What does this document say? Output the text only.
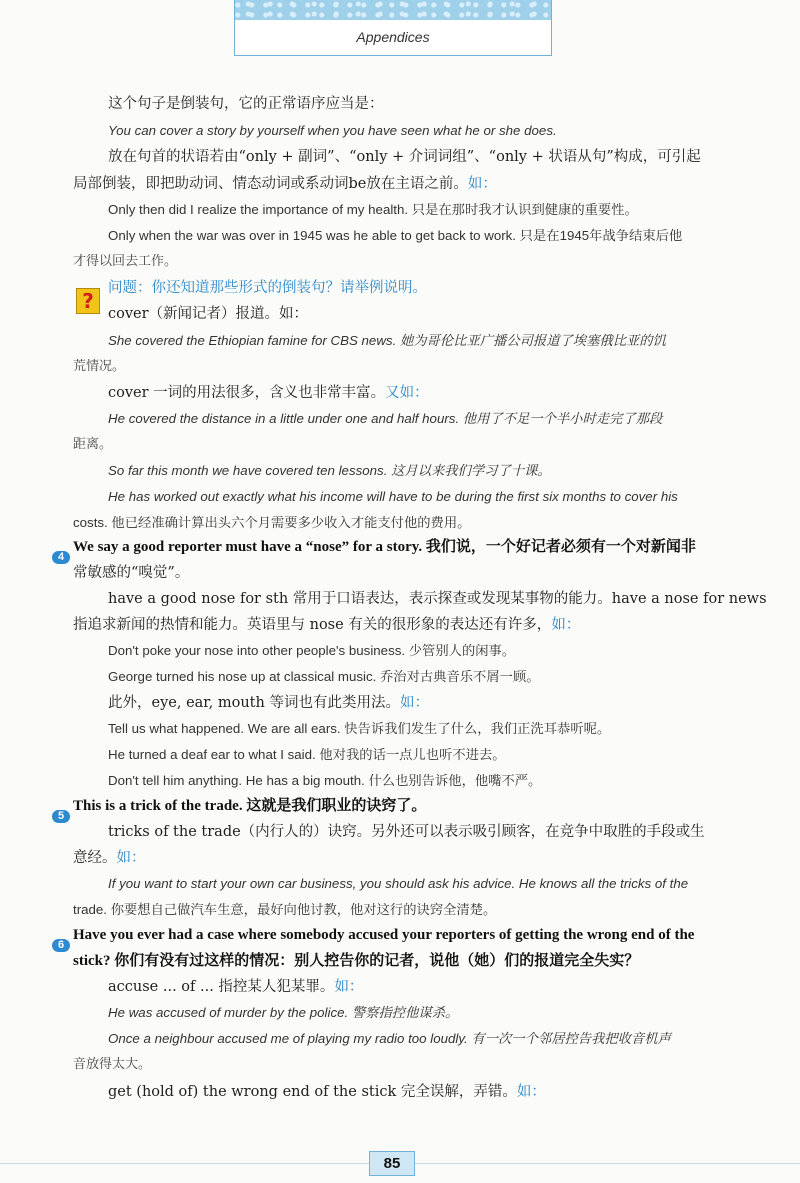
Appendices
这个句子是倒装句，它的正常语序应当是：
You can cover a story by yourself when you have seen what he or she does.
放在句首的状语若由“only + 副词”、“only + 介词词组”、“only + 状语从句”构成，可引起
局部倒装，即把助动词、情态动词或系动词be放在主语之前。如：
Only then did I realize the importance of my health. 只是在那时我才认识到健康的重要性。
Only when the war was over in 1945 was he able to get back to work. 只是在1945年战争结束后他
才得以回去工作。
问题：你还知道那些形式的倒装句？请举例说明。
cover（新闻记者）报道。如：
She covered the Ethiopian famine for CBS news. 她为哥伦比亚广播公司报道了埃塞俄比亚的饥
荒情况。
cover 一词的用法很多，含义也非常丰富。又如：
He covered the distance in a little under one and half hours. 他用了不足一个半小时走完了那段
距离。
So far this month we have covered ten lessons. 这月以来我们学习了十课。
He has worked out exactly what his income will have to be during the first six months to cover his
costs. 他已经准确计算出头六个月需要多少收入才能支付他的费用。
We say a good reporter must have a “nose” for a story. 我们说，一个好记者必须有一个对新闻非
常敏感的“嗅觉”。
have a good nose for sth 常用于口语表达，表示探查或发现某事物的能力。have a nose for news
指追求新闻的热情和能力。英语里与 nose 有关的很形象的表达还有许多，如：
Don't poke your nose into other people's business. 少管别人的闲事。
George turned his nose up at classical music. 乔治对古典音乐不屑一顾。
此外，eye, ear, mouth 等词也有此类用法。如：
Tell us what happened. We are all ears. 快告诉我们发生了什么，我们正洗耳恭听呢。
He turned a deaf ear to what I said. 他对我的话一点儿也听不进去。
Don't tell him anything. He has a big mouth. 什么也别告诉他，他嘴不严。
This is a trick of the trade. 这就是我们职业的诀窍了。
tricks of the trade（内行人的）诀窍。另外还可以表示吸引顾客，在竞争中取胜的手段或生
意经。如：
If you want to start your own car business, you should ask his advice. He knows all the tricks of the
trade. 你要想自己做汽车生意，最好向他讨教，他对这行的诀窍全清楚。
Have you ever had a case where somebody accused your reporters of getting the wrong end of the
stick? 你们有没有过这样的情况：别人控告你的记者，说他（她）们的报道完全失实？
accuse ... of ... 指控某人犯某罪。如：
He was accused of murder by the police. 警察指控他谋杀。
Once a neighbour accused me of playing my radio too loudly. 有一次一个邻居控告我把收音机声
音放得太大。
get (hold of) the wrong end of the stick 完全误解，弄错。如：
?
4
5
6
85
